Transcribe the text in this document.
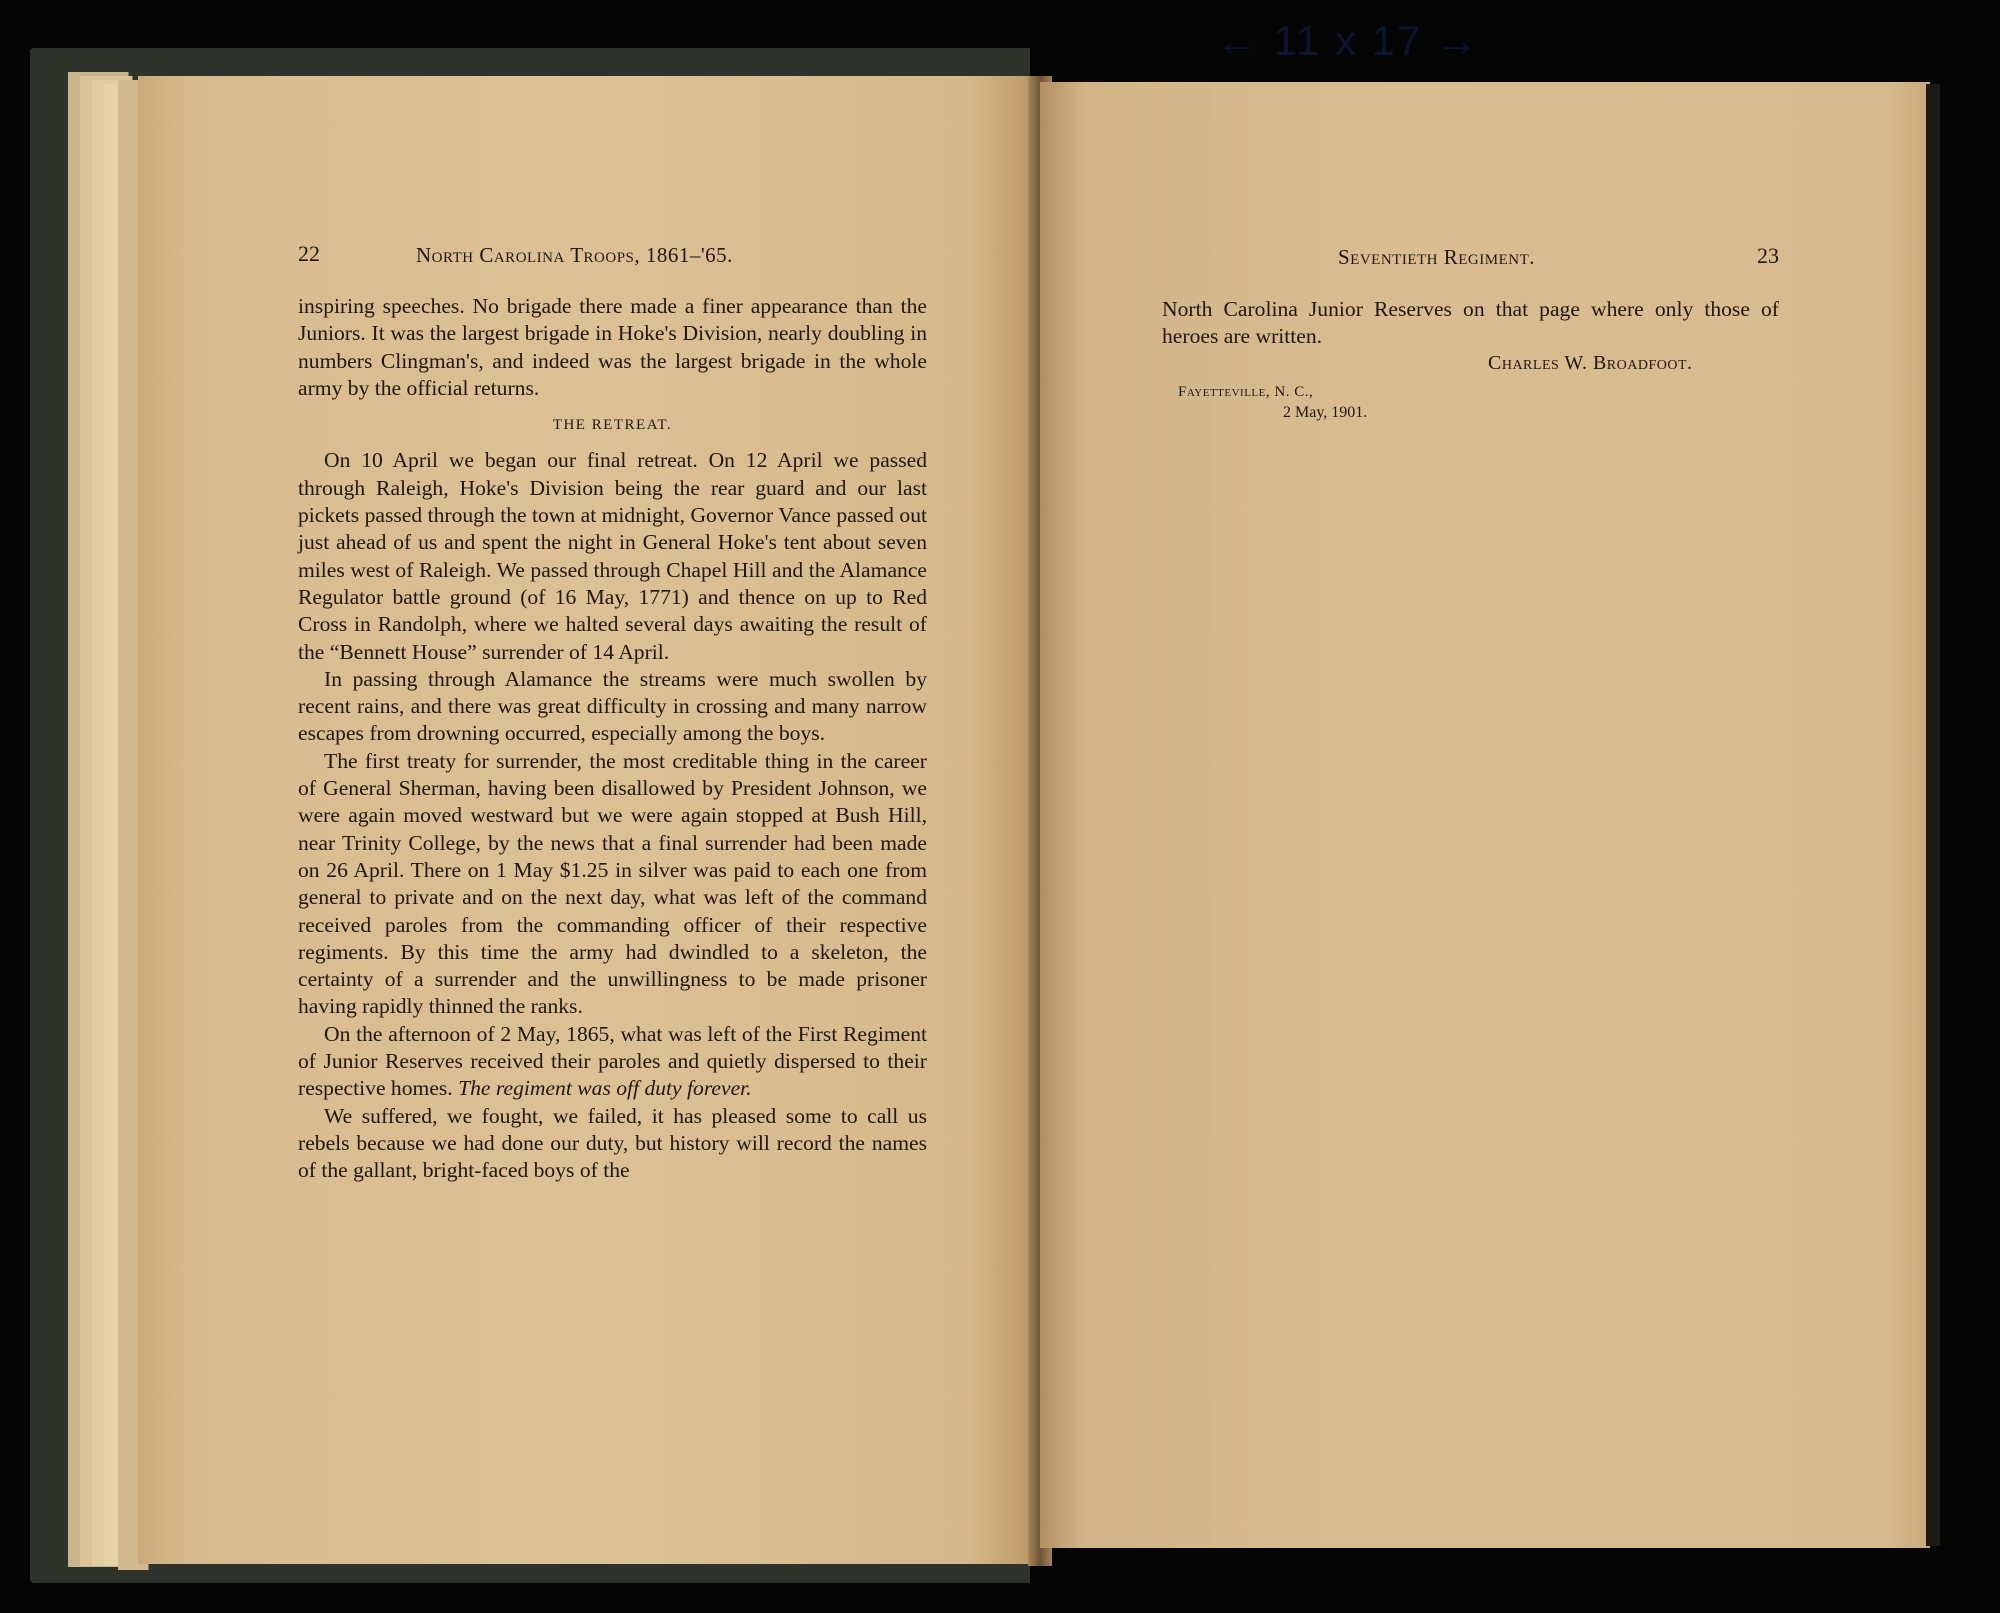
← 11 x 17 →
22	North Carolina Troops, 1861–'65.

inspiring speeches. No brigade there made a finer appearance than the Juniors. It was the largest brigade in Hoke's Division, nearly doubling in numbers Clingman's, and indeed was the largest brigade in the whole army by the official returns.

THE RETREAT.

On 10 April we began our final retreat. On 12 April we passed through Raleigh, Hoke's Division being the rear guard and our last pickets passed through the town at midnight, Governor Vance passed out just ahead of us and spent the night in General Hoke's tent about seven miles west of Raleigh. We passed through Chapel Hill and the Alamance Regulator battle ground (of 16 May, 1771) and thence on up to Red Cross in Randolph, where we halted several days awaiting the result of the “Bennett House” surrender of 14 April.

In passing through Alamance the streams were much swollen by recent rains, and there was great difficulty in crossing and many narrow escapes from drowning occurred, especially among the boys.

The first treaty for surrender, the most creditable thing in the career of General Sherman, having been disallowed by President Johnson, we were again moved westward but we were again stopped at Bush Hill, near Trinity College, by the news that a final surrender had been made on 26 April. There on 1 May $1.25 in silver was paid to each one from general to private and on the next day, what was left of the command received paroles from the commanding officer of their respective regiments. By this time the army had dwindled to a skeleton, the certainty of a surrender and the unwillingness to be made prisoner having rapidly thinned the ranks.

On the afternoon of 2 May, 1865, what was left of the First Regiment of Junior Reserves received their paroles and quietly dispersed to their respective homes. The regiment was off duty forever.

We suffered, we fought, we failed, it has pleased some to call us rebels because we had done our duty, but history will record the names of the gallant, bright-faced boys of the

Seventieth Regiment.	23

North Carolina Junior Reserves on that page where only those of heroes are written.

Charles W. Broadfoot.
Fayetteville, N. C.,
2 May, 1901.
